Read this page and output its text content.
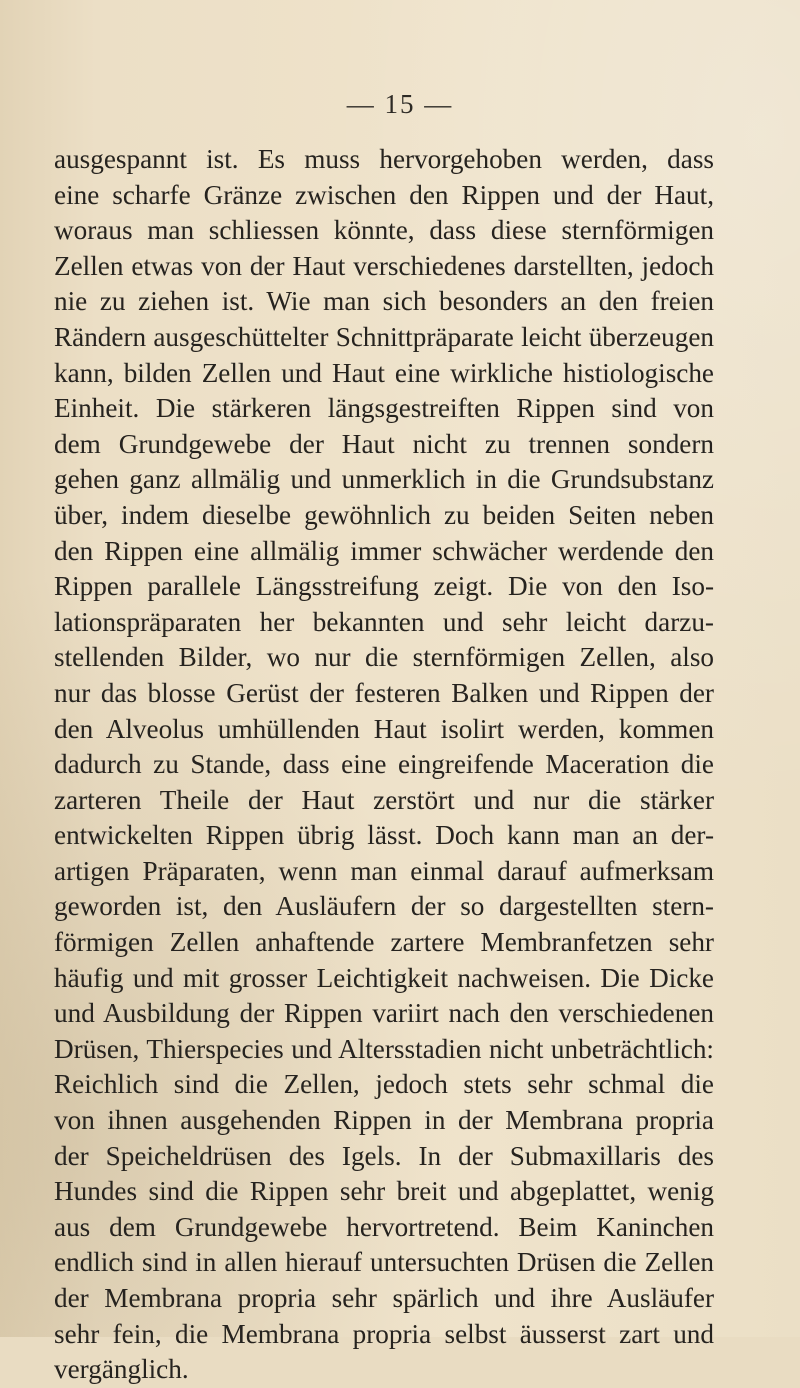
— 15 —
ausgespannt ist. Es muss hervorgehoben werden, dass
eine scharfe Gränze zwischen den Rippen und der Haut,
woraus man schliessen könnte, dass diese sternförmigen
Zellen etwas von der Haut verschiedenes darstellten, jedoch
nie zu ziehen ist. Wie man sich besonders an den freien
Rändern ausgeschüttelter Schnittpräparate leicht überzeugen
kann, bilden Zellen und Haut eine wirkliche histiologische
Einheit. Die stärkeren längsgestreiften Rippen sind von
dem Grundgewebe der Haut nicht zu trennen sondern
gehen ganz allmälig und unmerklich in die Grundsubstanz
über, indem dieselbe gewöhnlich zu beiden Seiten neben
den Rippen eine allmälig immer schwächer werdende den
Rippen parallele Längsstreifung zeigt. Die von den Iso-
lationspräparaten her bekannten und sehr leicht darzu-
stellenden Bilder, wo nur die sternförmigen Zellen, also
nur das blosse Gerüst der festeren Balken und Rippen der
den Alveolus umhüllenden Haut isolirt werden, kommen
dadurch zu Stande, dass eine eingreifende Maceration die
zarteren Theile der Haut zerstört und nur die stärker
entwickelten Rippen übrig lässt. Doch kann man an der-
artigen Präparaten, wenn man einmal darauf aufmerksam
geworden ist, den Ausläufern der so dargestellten stern-
förmigen Zellen anhaftende zartere Membranfetzen sehr
häufig und mit grosser Leichtigkeit nachweisen. Die Dicke
und Ausbildung der Rippen variirt nach den verschiedenen
Drüsen, Thierspecies und Altersstadien nicht unbeträchtlich:
Reichlich sind die Zellen, jedoch stets sehr schmal die
von ihnen ausgehenden Rippen in der Membrana propria
der Speicheldrüsen des Igels. In der Submaxillaris des
Hundes sind die Rippen sehr breit und abgeplattet, wenig
aus dem Grundgewebe hervortretend. Beim Kaninchen
endlich sind in allen hierauf untersuchten Drüsen die Zellen
der Membrana propria sehr spärlich und ihre Ausläufer
sehr fein, die Membrana propria selbst äusserst zart und
vergänglich.
